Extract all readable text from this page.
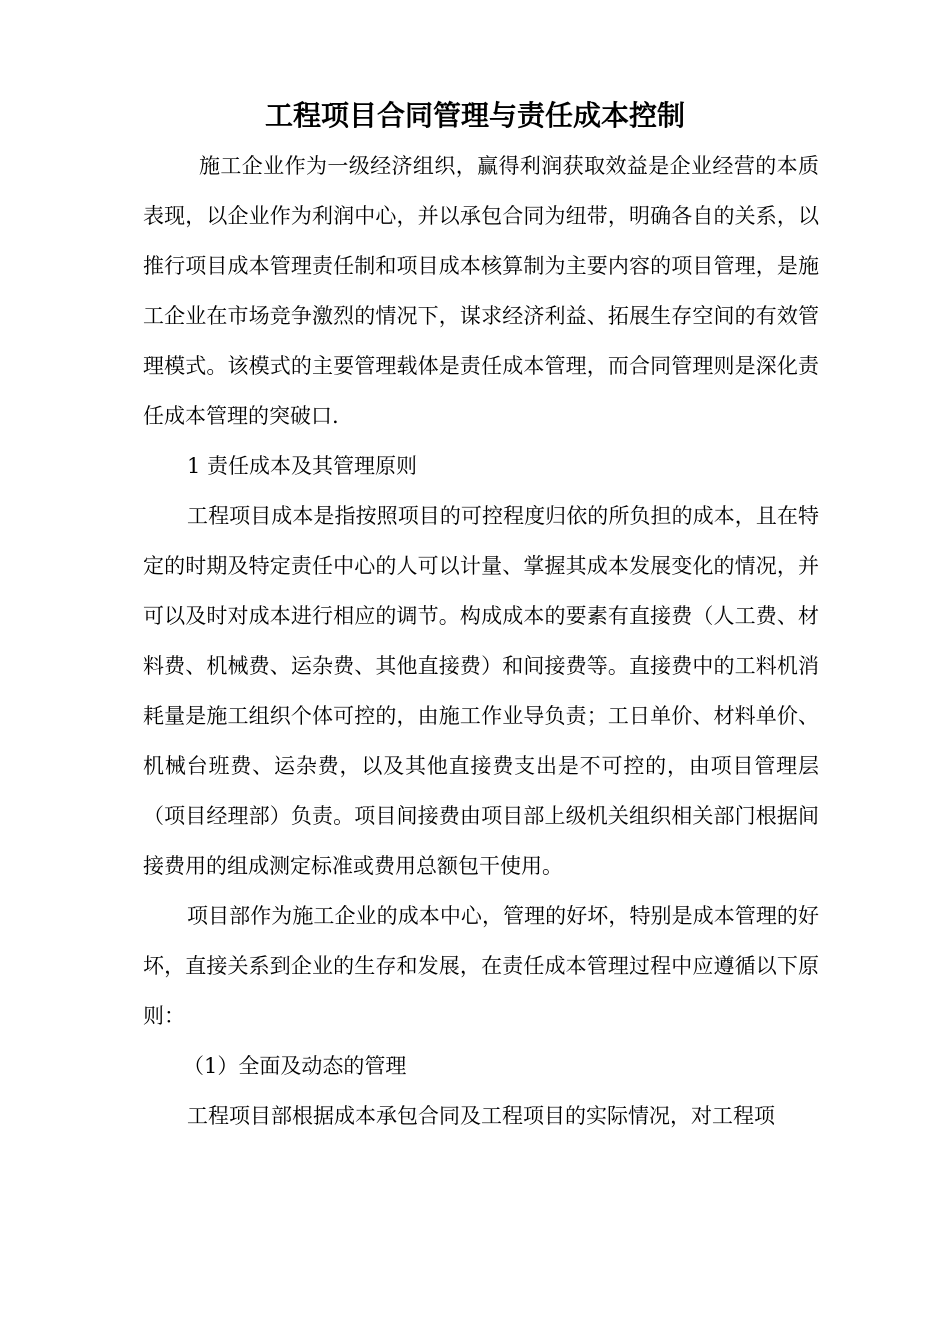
工程项目合同管理与责任成本控制

施工企业作为一级经济组织，赢得利润获取效益是企业经营的本质表现，以企业作为利润中心，并以承包合同为纽带，明确各自的关系，以推行项目成本管理责任制和项目成本核算制为主要内容的项目管理，是施工企业在市场竞争激烈的情况下，谋求经济利益、拓展生存空间的有效管理模式。该模式的主要管理载体是责任成本管理，而合同管理则是深化责任成本管理的突破口.

1 责任成本及其管理原则

工程项目成本是指按照项目的可控程度归依的所负担的成本，且在特定的时期及特定责任中心的人可以计量、掌握其成本发展变化的情况，并可以及时对成本进行相应的调节。构成成本的要素有直接费（人工费、材料费、机械费、运杂费、其他直接费）和间接费等。直接费中的工料机消耗量是施工组织个体可控的，由施工作业导负责；工日单价、材料单价、机械台班费、运杂费，以及其他直接费支出是不可控的，由项目管理层（项目经理部）负责。项目间接费由项目部上级机关组织相关部门根据间接费用的组成测定标准或费用总额包干使用。

项目部作为施工企业的成本中心，管理的好坏，特别是成本管理的好坏，直接关系到企业的生存和发展，在责任成本管理过程中应遵循以下原则：

（1）全面及动态的管理

工程项目部根据成本承包合同及工程项目的实际情况，对工程项
